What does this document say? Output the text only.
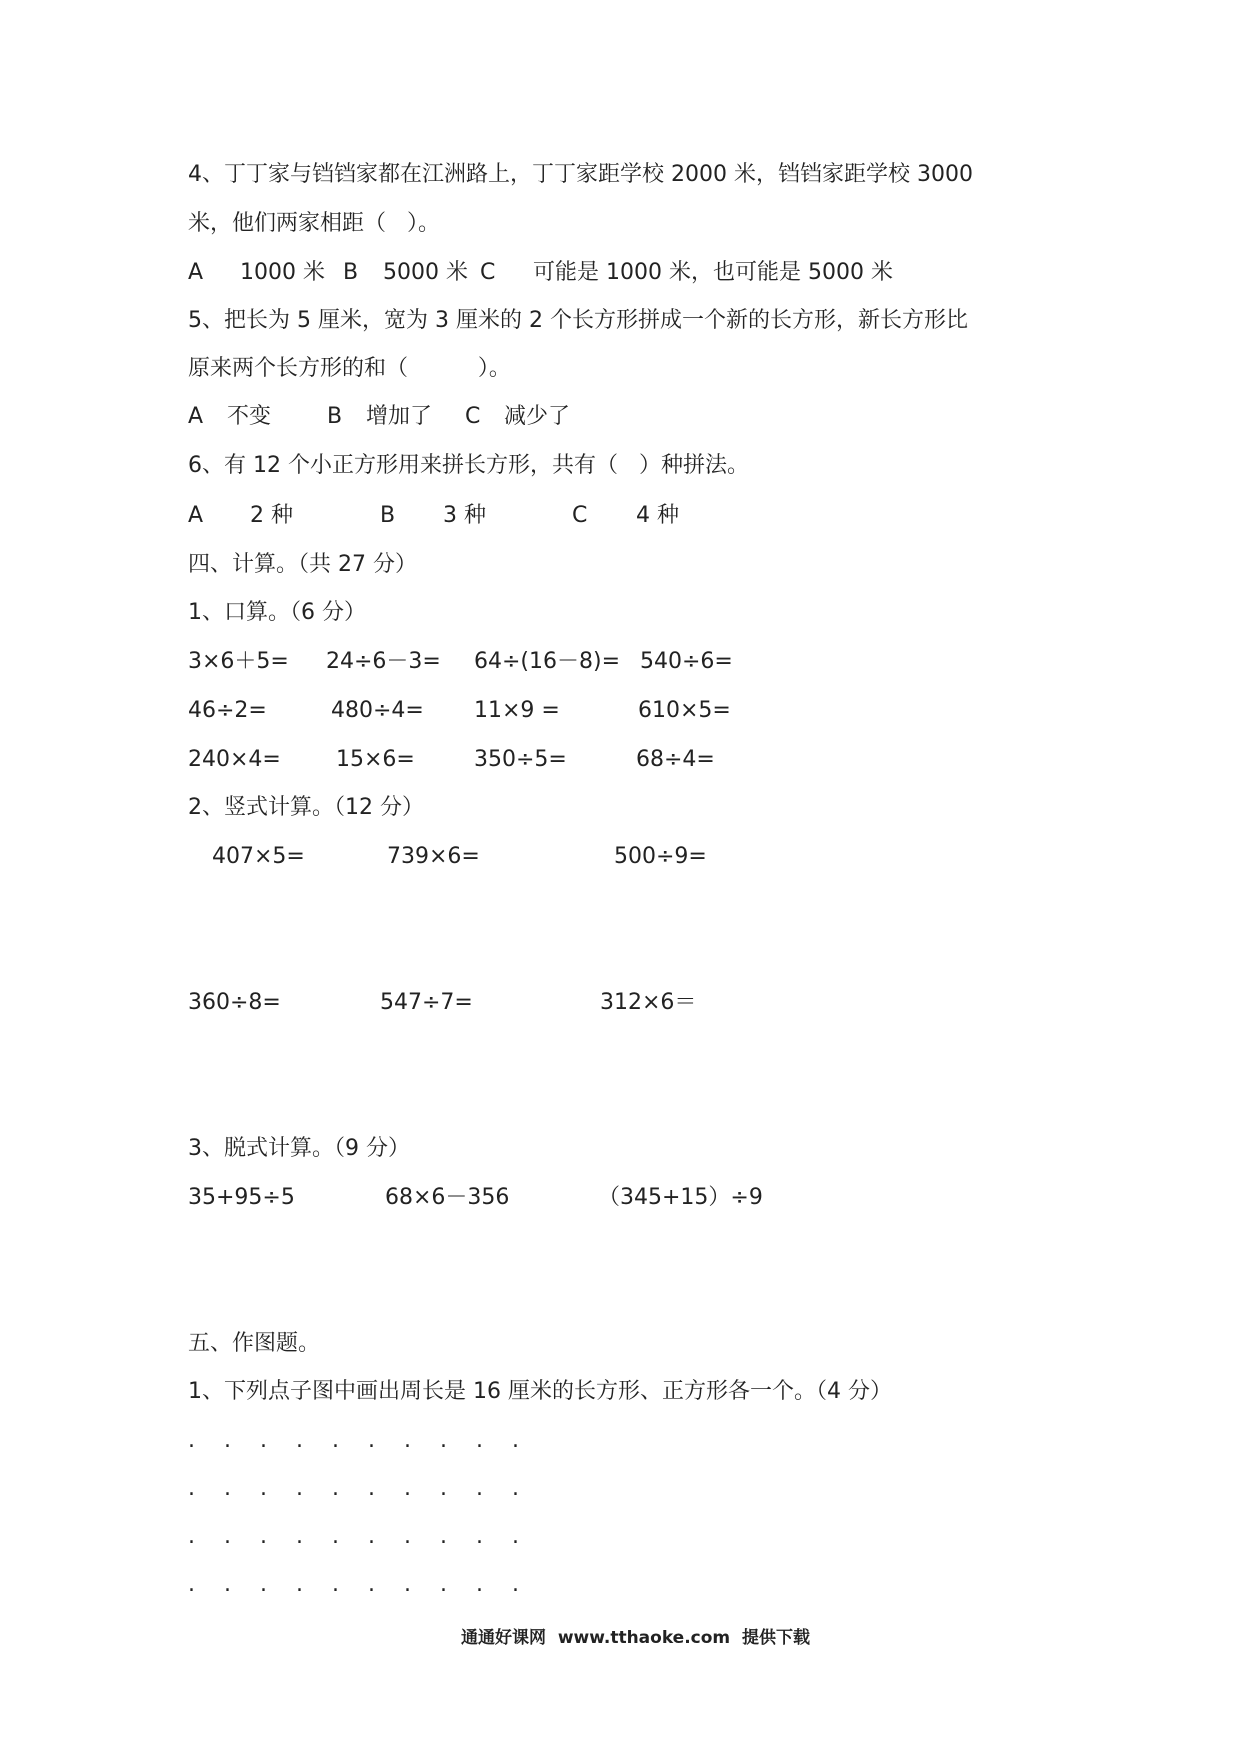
4、丁丁家与铛铛家都在江洲路上，丁丁家距学校 2000 米，铛铛家距学校 3000

米，他们两家相距（   ）。

A 1000 米 B 5000 米 C 可能是 1000 米，也可能是 5000 米

5、把长为 5 厘米，宽为 3 厘米的 2 个长方形拼成一个新的长方形，新长方形比

原来两个长方形的和（          ）。

A 不变	B 增加了 C 减少了

6、有 12 个小正方形用来拼长方形，共有（   ）种拼法。

A 2 种	B 3 种	C 4 种

四、计算。（共 27 分）

1、口算。（6 分）

3×6＋5= 24÷6－3= 64÷(16－8)= 540÷6=
46÷2=	480÷4= 11×9 =	610×5=
240×4=	15×6=	350÷5=	68÷4=

2、竖式计算。（12 分）

407×5=	739×6=	500÷9=
360÷8=	547÷7=	312×6＝

3、脱式计算。（9 分）

35+95÷5	68×6－356	（345+15）÷9

五、作图题。

1、下列点子图中画出周长是 16 厘米的长方形、正方形各一个。（4 分）

. . . . . . . . . .
. . . . . . . . . .
. . . . . . . . . .
. . . . . . . . . .
通通好课网  www.tthaoke.com  提供下载
